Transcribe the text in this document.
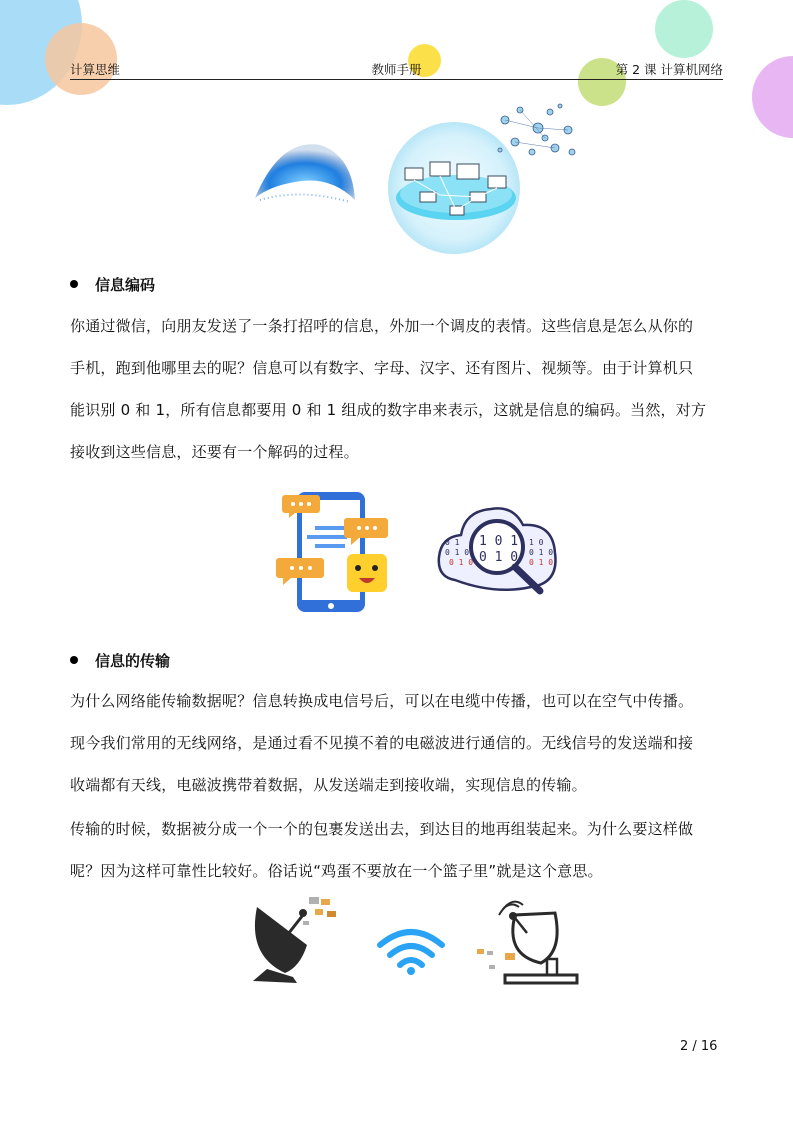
计算思维	教师手册	第 2 课 计算机网络
信息编码
你通过微信，向朋友发送了一条打招呼的信息，外加一个调皮的表情。这些信息是怎么从你的
手机，跑到他哪里去的呢？信息可以有数字、字母、汉字、还有图片、视频等。由于计算机只
能识别 0 和 1，所有信息都要用 0 和 1 组成的数字串来表示，这就是信息的编码。当然，对方
接收到这些信息，还要有一个解码的过程。
1 0 1
0 1 0
0 1
0 1 0
1 0
0 1 0
0 1 0	0 1 0
信息的传输
为什么网络能传输数据呢？信息转换成电信号后，可以在电缆中传播，也可以在空气中传播。
现今我们常用的无线网络，是通过看不见摸不着的电磁波进行通信的。无线信号的发送端和接
收端都有天线，电磁波携带着数据，从发送端走到接收端，实现信息的传输。
传输的时候，数据被分成一个一个的包裹发送出去，到达目的地再组装起来。为什么要这样做
呢？因为这样可靠性比较好。俗话说“鸡蛋不要放在一个篮子里”就是这个意思。
2 / 16
